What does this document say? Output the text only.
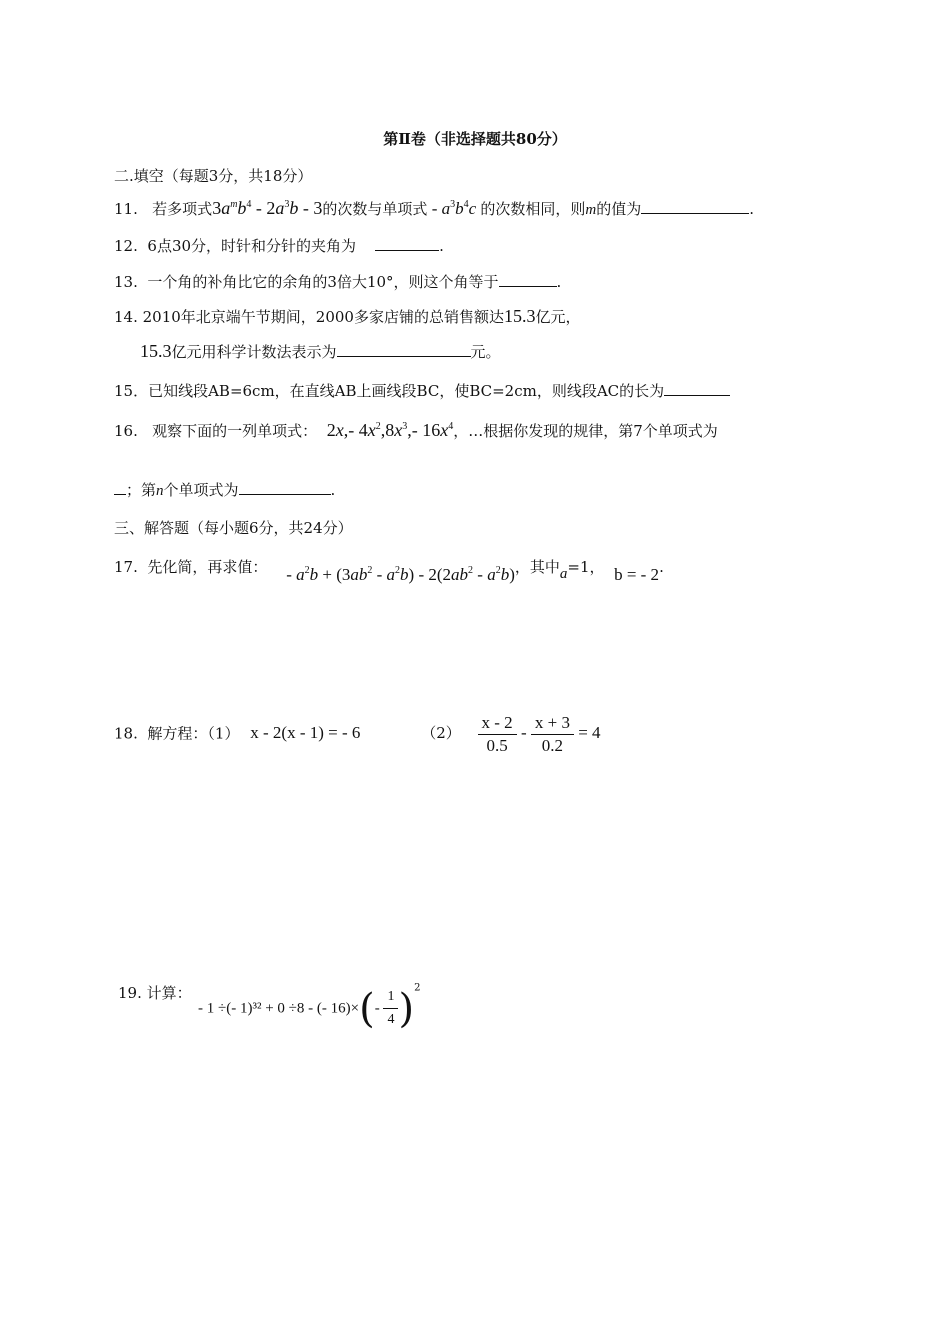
第Ⅱ卷（非选择题共80分）
二.填空（每题3分，共18分）
11. 若多项式$3a^mb^4 - 2a^3b - 3$的次数与单项式 - $a^3b^4c$ 的次数相同，则m的值为	.
12. 6点30分，时针和分针的夹角为	.
13. 一个角的补角比它的余角的3倍大10°，则这个角等于	.
14. 2010年北京端午节期间，2000多家店铺的总销售额达15.3亿元，
15.3亿元用科学计数法表示为	元。
15．已知线段AB=6cm，在直线AB上画线段BC，使BC=2cm，则线段AC的长为
16. 观察下面的一列单项式： 2x,- $4x^2,8x^3,-$ $16x^4$，…根据你发现的规律，第7个单项式为
；第n个单项式为	.
三、解答题（每小题6分，共24分）
17. 先化简，再求值： - $a^2b + (3ab^2 - a^2b) - 2(2ab^2 - a^2b)$，其中a=1， b = - 2.
18. 解方程：（1） x - 2(x - 1) = - 6	$(2) \frac{x - 2}{0.5} - \frac{x + 3}{0.2} = 4$
19. 计算：
- 1 ÷(- 1)³² + 0 ÷8 - (- $16)\times(- \frac{1}{4} )^2$
